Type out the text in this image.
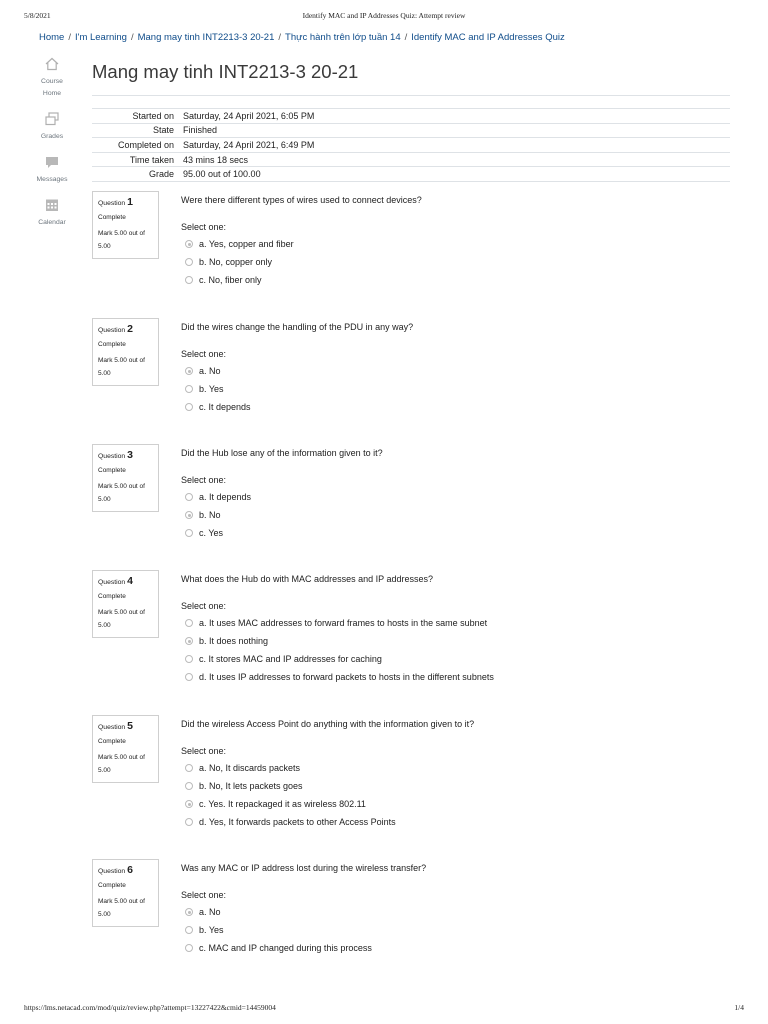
5/8/2021	Identify MAC and IP Addresses Quiz: Attempt review
Home / I'm Learning / Mang may tinh INT2213-3 20-21 / Thực hành trên lớp tuần 14 / Identify MAC and IP Addresses Quiz
Course Home
Grades
Messages
Calendar
Mang may tinh INT2213-3 20-21
Started on	Saturday, 24 April 2021, 6:05 PM
State	Finished
Completed on	Saturday, 24 April 2021, 6:49 PM
Time taken	43 mins 18 secs
Grade	95.00 out of 100.00
Question 1
Complete
Mark 5.00 out of 5.00
Were there different types of wires used to connect devices?
Select one:
a. Yes, copper and fiber
b. No, copper only
c. No, fiber only
Question 2
Complete
Mark 5.00 out of 5.00
Did the wires change the handling of the PDU in any way?
Select one:
a. No
b. Yes
c. It depends
Question 3
Complete
Mark 5.00 out of 5.00
Did the Hub lose any of the information given to it?
Select one:
a. It depends
b. No
c. Yes
Question 4
Complete
Mark 5.00 out of 5.00
What does the Hub do with MAC addresses and IP addresses?
Select one:
a. It uses MAC addresses to forward frames to hosts in the same subnet
b. It does nothing
c. It stores MAC and IP addresses for caching
d. It uses IP addresses to forward packets to hosts in the different subnets
Question 5
Complete
Mark 5.00 out of 5.00
Did the wireless Access Point do anything with the information given to it?
Select one:
a. No, It discards packets
b. No, It lets packets goes
c. Yes. It repackaged it as wireless 802.11
d. Yes, It forwards packets to other Access Points
Question 6
Complete
Mark 5.00 out of 5.00
Was any MAC or IP address lost during the wireless transfer?
Select one:
a. No
b. Yes
c. MAC and IP changed during this process
https://lms.netacad.com/mod/quiz/review.php?attempt=13227422&cmid=14459004	1/4
